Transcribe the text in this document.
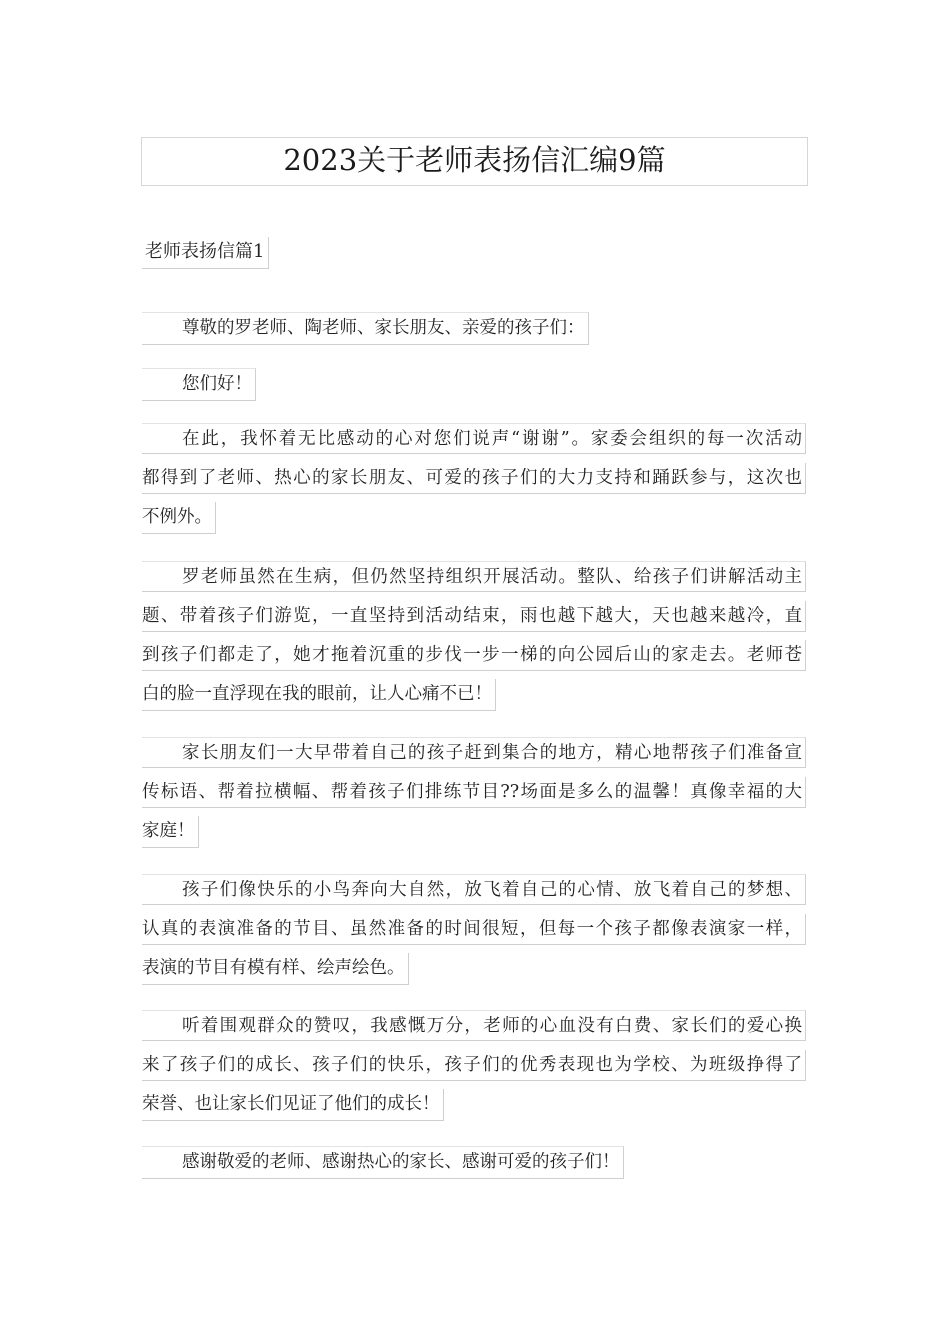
2023关于老师表扬信汇编9篇
老师表扬信篇1
尊敬的罗老师、陶老师、家长朋友、亲爱的孩子们：
您们好！
在此，我怀着无比感动的心对您们说声“谢谢”。家委会组织的每一次活动
都得到了老师、热心的家长朋友、可爱的孩子们的大力支持和踊跃参与，这次也
不例外。
罗老师虽然在生病，但仍然坚持组织开展活动。整队、给孩子们讲解活动主
题、带着孩子们游览，一直坚持到活动结束，雨也越下越大，天也越来越冷，直
到孩子们都走了，她才拖着沉重的步伐一步一梯的向公园后山的家走去。老师苍
白的脸一直浮现在我的眼前，让人心痛不已！
家长朋友们一大早带着自己的孩子赶到集合的地方，精心地帮孩子们准备宣
传标语、帮着拉横幅、帮着孩子们排练节目??场面是多么的温馨！真像幸福的大
家庭！
孩子们像快乐的小鸟奔向大自然，放飞着自己的心情、放飞着自己的梦想、
认真的表演准备的节目、虽然准备的时间很短，但每一个孩子都像表演家一样，
表演的节目有模有样、绘声绘色。
听着围观群众的赞叹，我感慨万分，老师的心血没有白费、家长们的爱心换
来了孩子们的成长、孩子们的快乐，孩子们的优秀表现也为学校、为班级挣得了
荣誉、也让家长们见证了他们的成长！
感谢敬爱的老师、感谢热心的家长、感谢可爱的孩子们！
